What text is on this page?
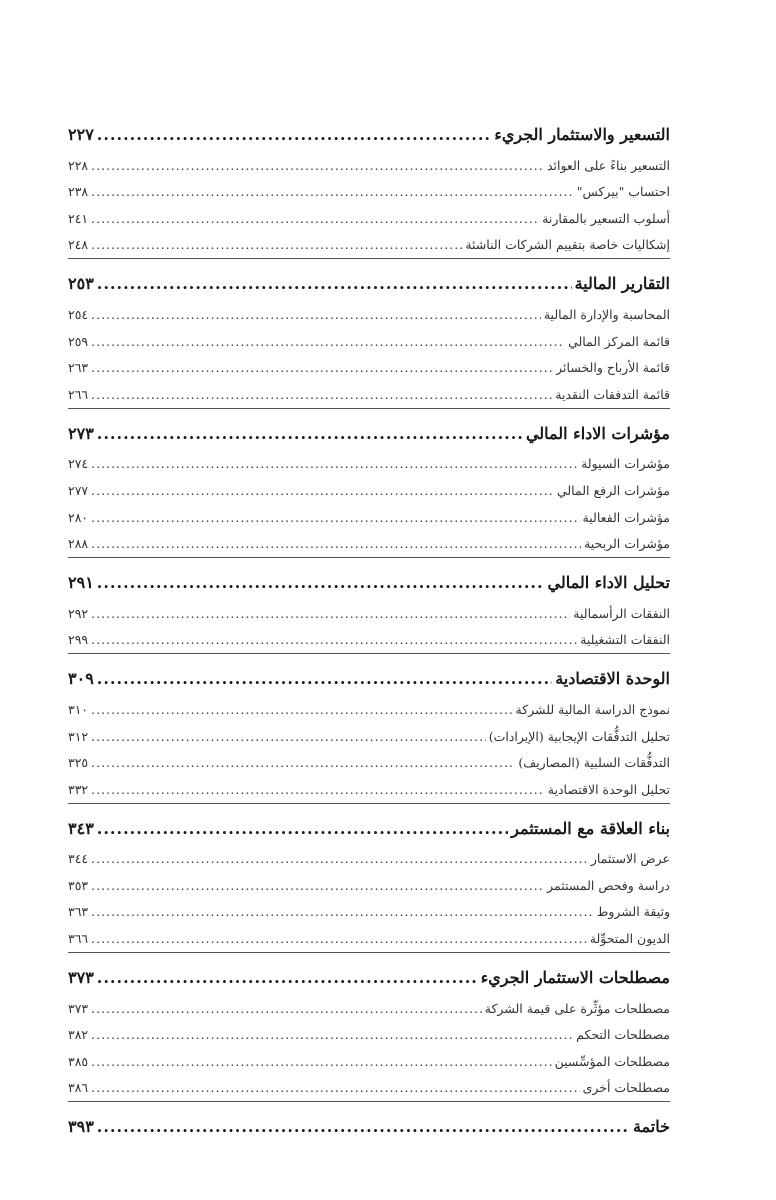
التسعير والاستثمار الجريء
.....
٢٢٧
التسعير بناءً على العوائد
.....
٢٢٨
احتساب "بيركس"
.....
٢٣٨
أسلوب التسعير بالمقارنة
.....
٢٤١
إشكاليات خاصة بتقييم الشركات الناشئة
.....
٢٤٨
التقارير المالية
.....
٢٥٣
المحاسبة والإدارة المالية
.....
٢٥٤
قائمة المركز المالي
.....
٢٥٩
قائمة الأرباح والخسائر
.....
٢٦٣
قائمة التدفقات النقدية
.....
٢٦٦
مؤشرات الاداء المالي
.....
٢٧٣
مؤشرات السيولة
.....
٢٧٤
مؤشرات الرفع المالي
.....
٢٧٧
مؤشرات الفعالية
.....
٢٨٠
مؤشرات الربحية
.....
٢٨٨
تحليل الاداء المالي
.....
٢٩١
النفقات الرأسمالية
.....
٢٩٢
النفقات التشغيلية
.....
٢٩٩
الوحدة الاقتصادية
.....
٣٠٩
نموذج الدراسة المالية للشركة
.....
٣١٠
تحليل التدفُّقات الإيجابية (الإيرادات)
.....
٣١٢
التدفُّقات السلبية (المصاريف)
.....
٣٢٥
تحليل الوحدة الاقتصادية
.....
٣٣٢
بناء العلاقة مع المستثمر
.....
٣٤٣
عرض الاستثمار
.....
٣٤٤
دراسة وفحص المستثمر
.....
٣٥٣
وثيقة الشروط
.....
٣٦٣
الديون المتحوِّلة
.....
٣٦٦
مصطلحات الاستثمار الجريء
.....
٣٧٣
مصطلحات مؤثِّرة على قيمة الشركة
.....
٣٧٣
مصطلحات التحكم
.....
٣٨٢
مصطلحات المؤسِّسين
.....
٣٨٥
مصطلحات أخرى
.....
٣٨٦
خاتمة
.....
٣٩٣
